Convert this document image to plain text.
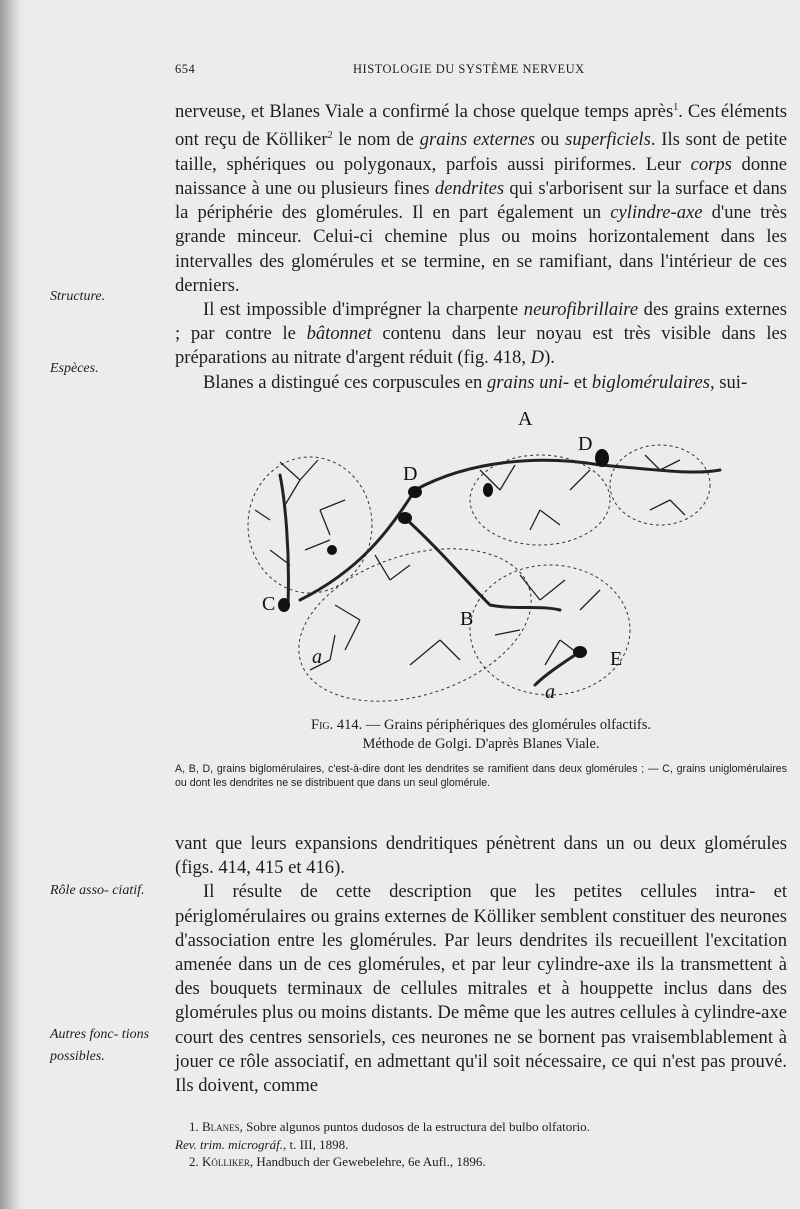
654	HISTOLOGIE DU SYSTÈME NERVEUX
Structure.
Espèces.
Rôle asso- ciatif.
Autres fonc- tions possibles.

nerveuse, et Blanes Viale a confirmé la chose quelque temps après$^1$. Ces éléments ont reçu de Kölliker$^2$ le nom de grains externes ou superficiels. Ils sont de petite taille, sphériques ou polygonaux, parfois aussi piriformes. Leur corps donne naissance à une ou plusieurs fines dendrites qui s'arborisent sur la surface et dans la périphérie des glomérules. Il en part également un cylindre-axe d'une très grande minceur. Celui-ci chemine plus ou moins horizontalement dans les intervalles des glomérules et se termine, en se ramifiant, dans l'intérieur de ces derniers.

Il est impossible d'imprégner la charpente neurofibrillaire des grains externes ; par contre le bâtonnet contenu dans leur noyau est très visible dans les préparations au nitrate d'argent réduit (fig. 418, D).

Blanes a distingué ces corpuscules en grains uni- et biglomérulaires, sui-

A
D
D
C
B
E
a
a
Fig. 414. — Grains périphériques des glomérules olfactifs.
Méthode de Golgi. D'après Blanes Viale.
A, B, D, grains biglomérulaires, c'est-à-dire dont les dendrites se ramifient dans deux glomérules ; — C, grains uniglomérulaires ou dont les dendrites ne se distribuent que dans un seul glomérule.

vant que leurs expansions dendritiques pénètrent dans un ou deux glomérules (figs. 414, 415 et 416).

Il résulte de cette description que les petites cellules intra- et périglomérulaires ou grains externes de Kölliker semblent constituer des neurones d'association entre les glomérules. Par leurs dendrites ils recueillent l'excitation amenée dans un de ces glomérules, et par leur cylindre-axe ils la transmettent à des bouquets terminaux de cellules mitrales et à houppette inclus dans des glomérules plus ou moins distants. De même que les autres cellules à cylindre-axe court des centres sensoriels, ces neurones ne se bornent pas vraisemblablement à jouer ce rôle associatif, en admettant qu'il soit nécessaire, ce qui n'est pas prouvé. Ils doivent, comme

1. Blanes, Sobre algunos puntos dudosos de la estructura del bulbo olfatorio.
Rev. trim. micrográf., t. III, 1898.
2. Kölliker, Handbuch der Gewebelehre, 6e Aufl., 1896.
